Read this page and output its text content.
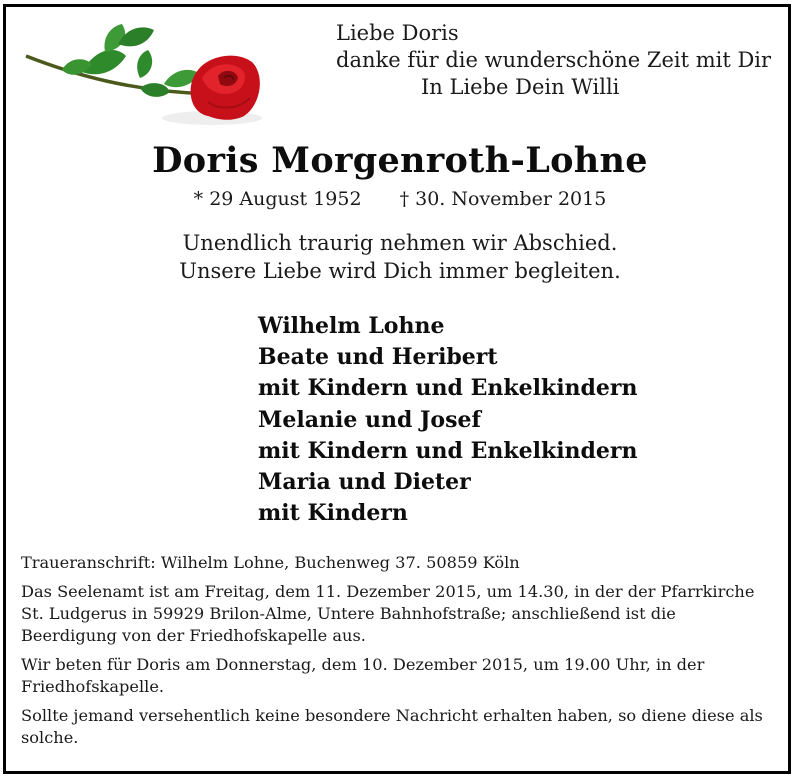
Liebe Doris
danke für die wunderschöne Zeit mit Dir
In Liebe Dein Willi
Doris Morgenroth-Lohne
* 29 August 1952 † 30. November 2015
Unendlich traurig nehmen wir Abschied.
Unsere Liebe wird Dich immer begleiten.
Wilhelm Lohne
Beate und Heribert
mit Kindern und Enkelkindern
Melanie und Josef
mit Kindern und Enkelkindern
Maria und Dieter
mit Kindern

Traueranschrift: Wilhelm Lohne, Buchenweg 37. 50859 Köln

Das Seelenamt ist am Freitag, dem 11. Dezember 2015, um 14.30, in der der Pfarrkirche St. Ludgerus in 59929 Brilon-Alme, Untere Bahnhofstraße; anschließend ist die Beerdigung von der Friedhofskapelle aus.

Wir beten für Doris am Donnerstag, dem 10. Dezember 2015, um 19.00 Uhr, in der Friedhofskapelle.

Sollte jemand versehentlich keine besondere Nachricht erhalten haben, so diene diese als solche.
